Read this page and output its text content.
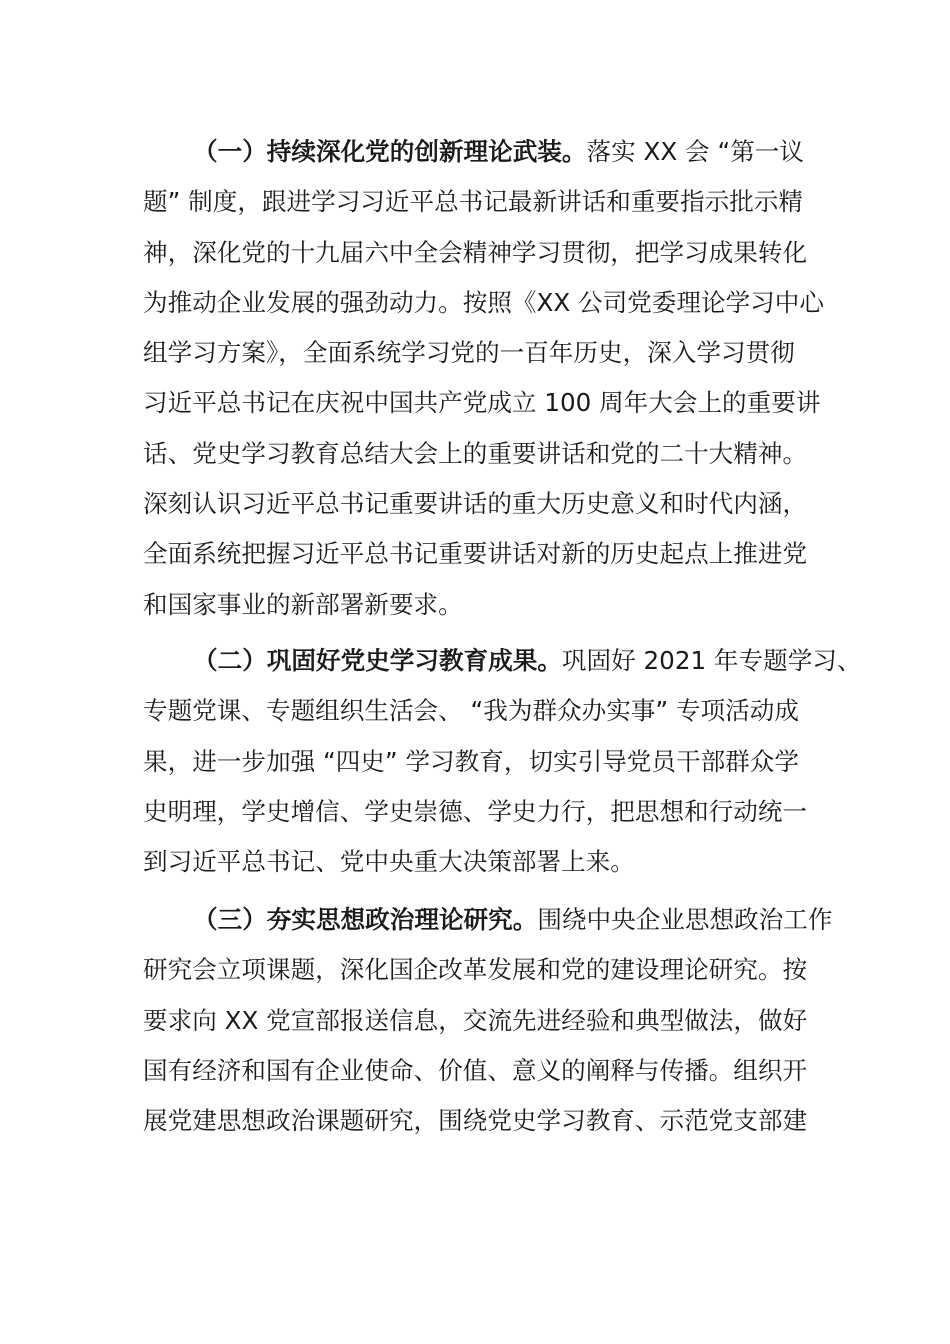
（一）持续深化党的创新理论武装。落实 XX 会 “第一议
题” 制度，跟进学习习近平总书记最新讲话和重要指示批示精
神，深化党的十九届六中全会精神学习贯彻，把学习成果转化
为推动企业发展的强劲动力。按照《XX 公司党委理论学习中心
组学习方案》，全面系统学习党的一百年历史，深入学习贯彻
习近平总书记在庆祝中国共产党成立 100 周年大会上的重要讲
话、党史学习教育总结大会上的重要讲话和党的二十大精神。
深刻认识习近平总书记重要讲话的重大历史意义和时代内涵，
全面系统把握习近平总书记重要讲话对新的历史起点上推进党
和国家事业的新部署新要求。
（二）巩固好党史学习教育成果。巩固好 2021 年专题学习、
专题党课、专题组织生活会、 “我为群众办实事” 专项活动成
果，进一步加强 “四史” 学习教育，切实引导党员干部群众学
史明理，学史增信、学史崇德、学史力行，把思想和行动统一
到习近平总书记、党中央重大决策部署上来。
（三）夯实思想政治理论研究。围绕中央企业思想政治工作
研究会立项课题，深化国企改革发展和党的建设理论研究。按
要求向 XX 党宣部报送信息，交流先进经验和典型做法，做好
国有经济和国有企业使命、价值、意义的阐释与传播。组织开
展党建思想政治课题研究，围绕党史学习教育、示范党支部建
